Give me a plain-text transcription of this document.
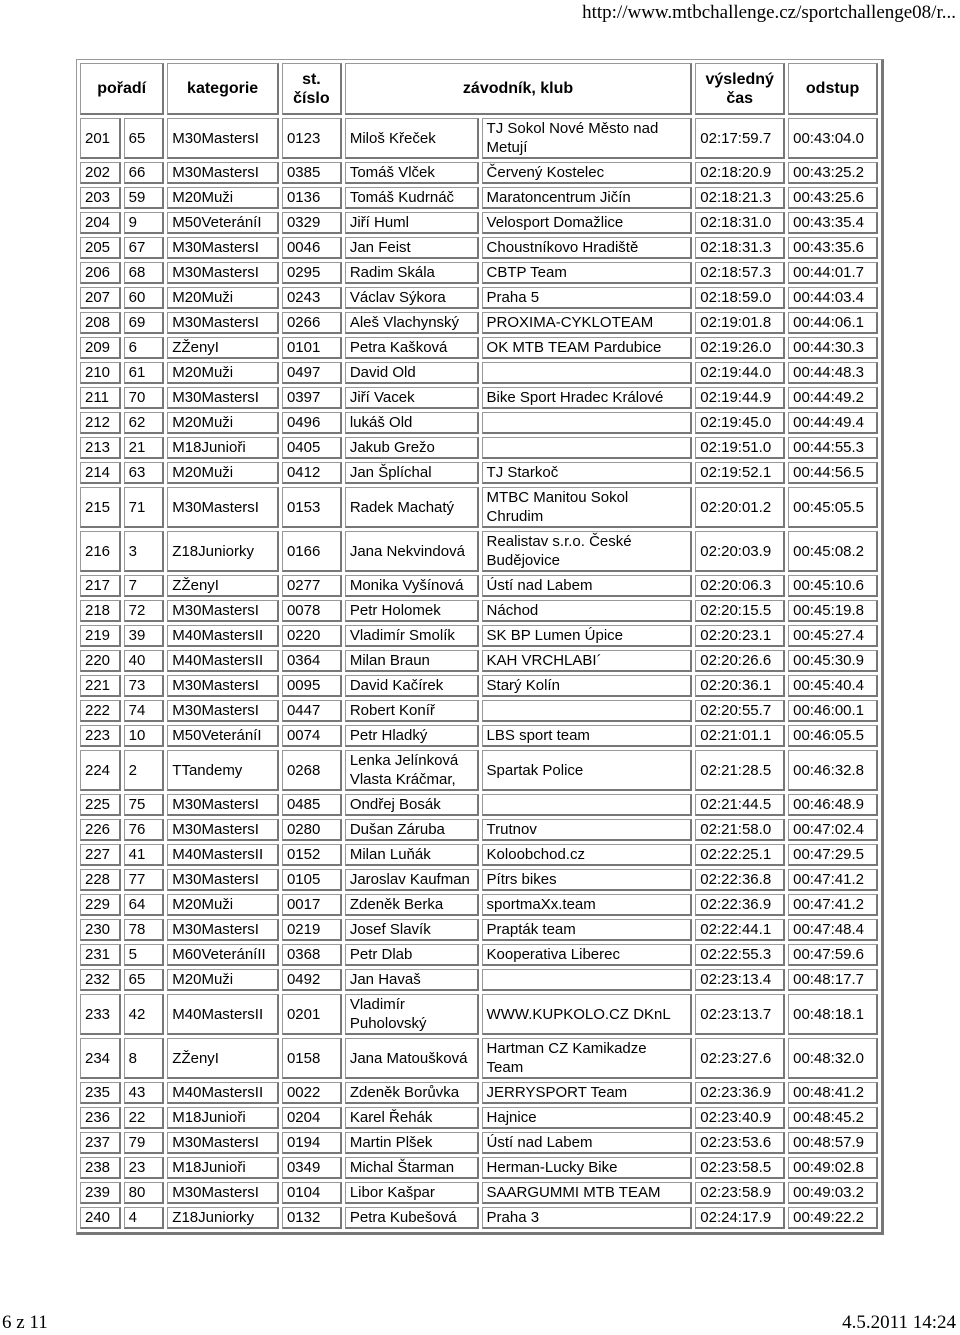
http://www.mtbchallenge.cz/sportchallenge08/r...
pořadí		kategorie	st. číslo	závodník, klub		výsledný čas	odstup
201	65	M30MastersI	0123	Miloš Křeček	TJ Sokol Nové Město nad Metují	02:17:59.7	00:43:04.0
202	66	M30MastersI	0385	Tomáš Vlček	Červený Kostelec	02:18:20.9	00:43:25.2
203	59	M20Muži	0136	Tomáš Kudrnáč	Maratoncentrum Jičín	02:18:21.3	00:43:25.6
204	9	M50VeteráníI	0329	Jiří Huml	Velosport Domažlice	02:18:31.0	00:43:35.4
205	67	M30MastersI	0046	Jan Feist	Choustníkovo Hradiště	02:18:31.3	00:43:35.6
206	68	M30MastersI	0295	Radim Skála	CBTP Team	02:18:57.3	00:44:01.7
207	60	M20Muži	0243	Václav Sýkora	Praha 5	02:18:59.0	00:44:03.4
208	69	M30MastersI	0266	Aleš Vlachynský	PROXIMA-CYKLOTEAM	02:19:01.8	00:44:06.1
209	6	ZŽenyI	0101	Petra Kašková	OK MTB TEAM Pardubice	02:19:26.0	00:44:30.3
210	61	M20Muži	0497	David Old		02:19:44.0	00:44:48.3
211	70	M30MastersI	0397	Jiří Vacek	Bike Sport Hradec Králové	02:19:44.9	00:44:49.2
212	62	M20Muži	0496	lukáš Old		02:19:45.0	00:44:49.4
213	21	M18Junioři	0405	Jakub Grežo		02:19:51.0	00:44:55.3
214	63	M20Muži	0412	Jan Šplíchal	TJ Starkoč	02:19:52.1	00:44:56.5
215	71	M30MastersI	0153	Radek Machatý	MTBC Manitou Sokol Chrudim	02:20:01.2	00:45:05.5
216	3	Z18Juniorky	0166	Jana Nekvindová	Realistav s.r.o. České Budějovice	02:20:03.9	00:45:08.2
217	7	ZŽenyI	0277	Monika Vyšínová	Ústí nad Labem	02:20:06.3	00:45:10.6
218	72	M30MastersI	0078	Petr Holomek	Náchod	02:20:15.5	00:45:19.8
219	39	M40MastersII	0220	Vladimír Smolík	SK BP Lumen Úpice	02:20:23.1	00:45:27.4
220	40	M40MastersII	0364	Milan Braun	KAH VRCHLABI´	02:20:26.6	00:45:30.9
221	73	M30MastersI	0095	David Kačírek	Starý Kolín	02:20:36.1	00:45:40.4
222	74	M30MastersI	0447	Robert Koníř		02:20:55.7	00:46:00.1
223	10	M50VeteráníI	0074	Petr Hladký	LBS sport team	02:21:01.1	00:46:05.5
224	2	TTandemy	0268	Lenka Jelínková Vlasta Kráčmar,	Spartak Police	02:21:28.5	00:46:32.8
225	75	M30MastersI	0485	Ondřej Bosák		02:21:44.5	00:46:48.9
226	76	M30MastersI	0280	Dušan Záruba	Trutnov	02:21:58.0	00:47:02.4
227	41	M40MastersII	0152	Milan Luňák	Koloobchod.cz	02:22:25.1	00:47:29.5
228	77	M30MastersI	0105	Jaroslav Kaufman	Pítrs bikes	02:22:36.8	00:47:41.2
229	64	M20Muži	0017	Zdeněk Berka	sportmaXx.team	02:22:36.9	00:47:41.2
230	78	M30MastersI	0219	Josef Slavík	Prapták team	02:22:44.1	00:47:48.4
231	5	M60VeteráníII	0368	Petr Dlab	Kooperativa Liberec	02:22:55.3	00:47:59.6
232	65	M20Muži	0492	Jan Havaš		02:23:13.4	00:48:17.7
233	42	M40MastersII	0201	Vladimír Puholovský	WWW.KUPKOLO.CZ DKnL	02:23:13.7	00:48:18.1
234	8	ZŽenyI	0158	Jana Matoušková	Hartman CZ Kamikadze Team	02:23:27.6	00:48:32.0
235	43	M40MastersII	0022	Zdeněk Borůvka	JERRYSPORT Team	02:23:36.9	00:48:41.2
236	22	M18Junioři	0204	Karel Řehák	Hajnice	02:23:40.9	00:48:45.2
237	79	M30MastersI	0194	Martin Plšek	Ústí nad Labem	02:23:53.6	00:48:57.9
238	23	M18Junioři	0349	Michal Štarman	Herman-Lucky Bike	02:23:58.5	00:49:02.8
239	80	M30MastersI	0104	Libor Kašpar	SAARGUMMI MTB TEAM	02:23:58.9	00:49:03.2
240	4	Z18Juniorky	0132	Petra Kubešová	Praha 3	02:24:17.9	00:49:22.2
6 z 11	4.5.2011 14:24
